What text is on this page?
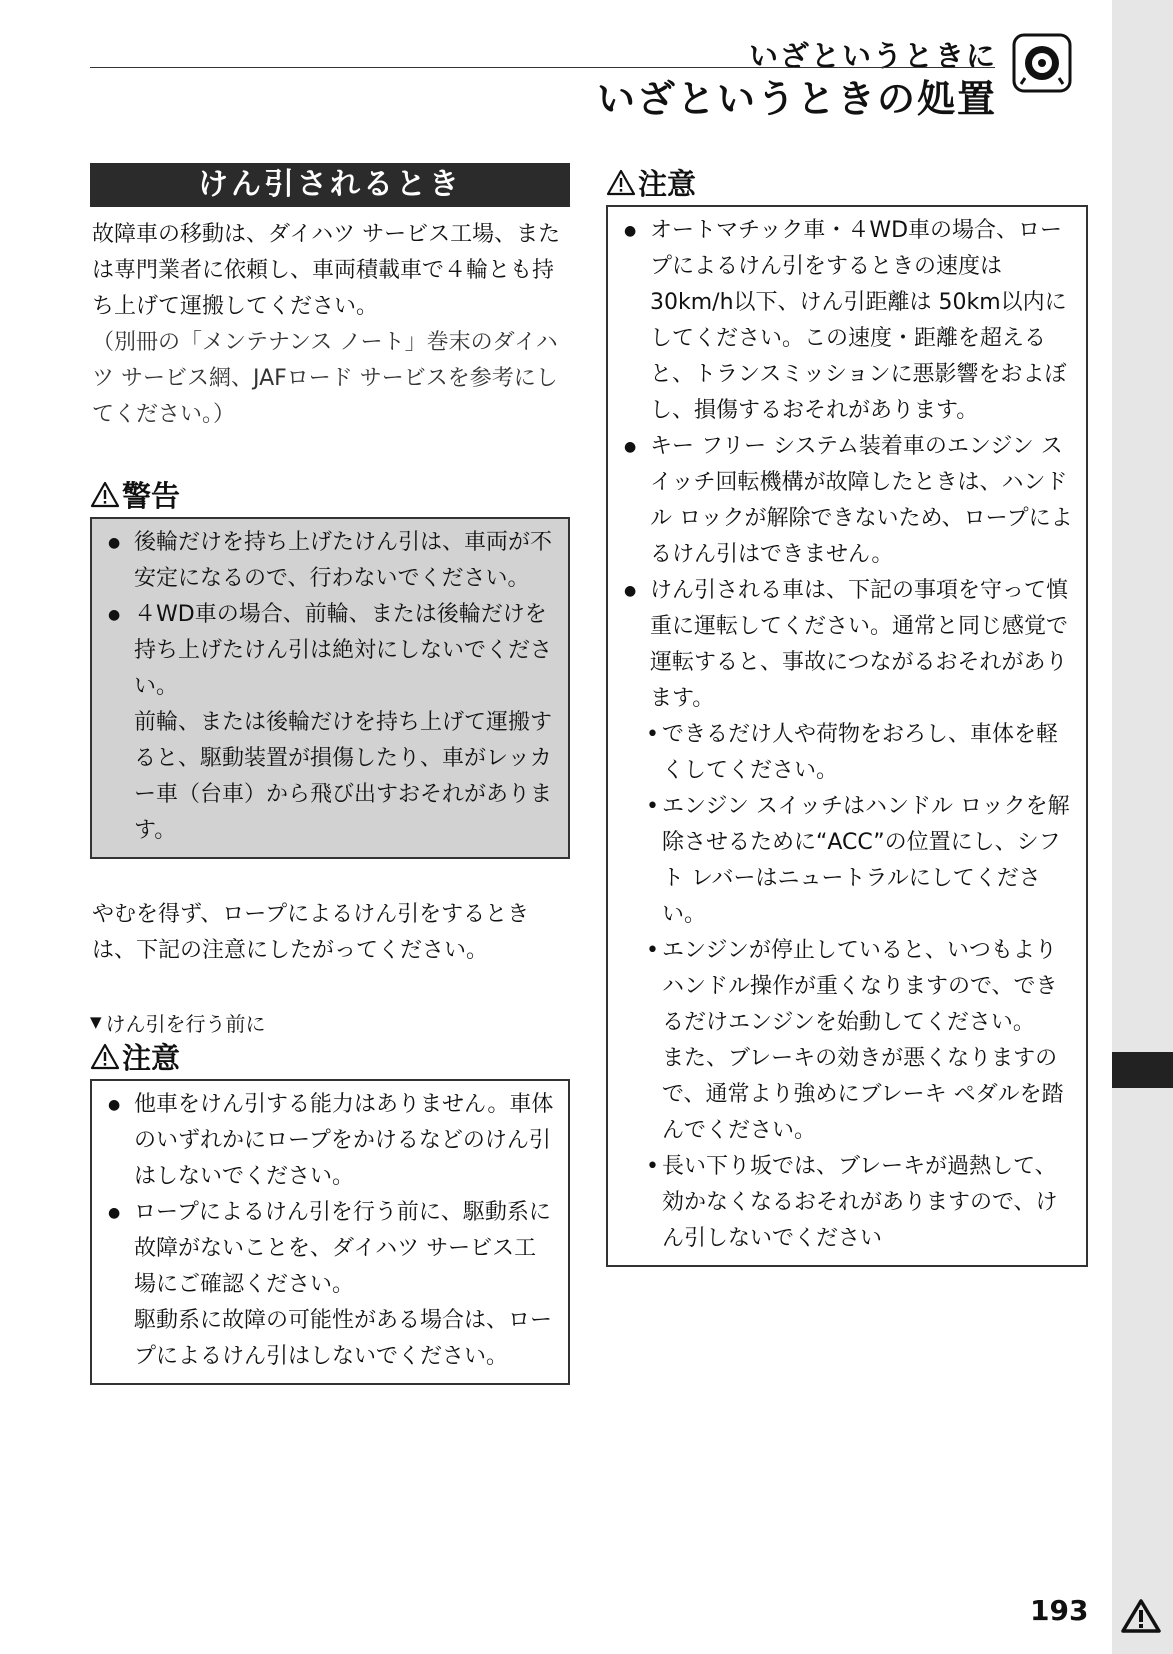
いざというときに
いざというときの処置
けん引されるとき
故障車の移動は、ダイハツ サービス工場、または専門業者に依頼し、車両積載車で４輪とも持ち上げて運搬してください。
（別冊の「メンテナンス ノート」巻末のダイハツ サービス網、JAFロード サービスを参考にしてください。）
警告
● 後輪だけを持ち上げたけん引は、車両が不安定になるので、行わないでください。
● ４WD車の場合、前輪、または後輪だけを持ち上げたけん引は絶対にしないでください。
前輪、または後輪だけを持ち上げて運搬すると、駆動装置が損傷したり、車がレッカー車（台車）から飛び出すおそれがあります。
やむを得ず、ロープによるけん引をするときは、下記の注意にしたがってください。
▼ けん引を行う前に
注意
● 他車をけん引する能力はありません。車体のいずれかにロープをかけるなどのけん引はしないでください。
● ロープによるけん引を行う前に、駆動系に故障がないことを、ダイハツ サービス工場にご確認ください。
駆動系に故障の可能性がある場合は、ロープによるけん引はしないでください。
注意
● オートマチック車・４WD車の場合、ロープによるけん引をするときの速度は 30km/h以下、けん引距離は 50km以内にしてください。この速度・距離を超えると、トランスミッションに悪影響をおよぼし、損傷するおそれがあります。
● キー フリー システム装着車のエンジン スイッチ回転機構が故障したときは、ハンドル ロックが解除できないため、ロープによるけん引はできません。
● けん引される車は、下記の事項を守って慎重に運転してください。通常と同じ感覚で運転すると、事故につながるおそれがあります。
• できるだけ人や荷物をおろし、車体を軽くしてください。
• エンジン スイッチはハンドル ロックを解除させるために“ACC”の位置にし、シフト レバーはニュートラルにしてください。
• エンジンが停止していると、いつもよりハンドル操作が重くなりますので、できるだけエンジンを始動してください。
また、ブレーキの効きが悪くなりますので、通常より強めにブレーキ ペダルを踏んでください。
• 長い下り坂では、ブレーキが過熱して、効かなくなるおそれがありますので、けん引しないでください
193
